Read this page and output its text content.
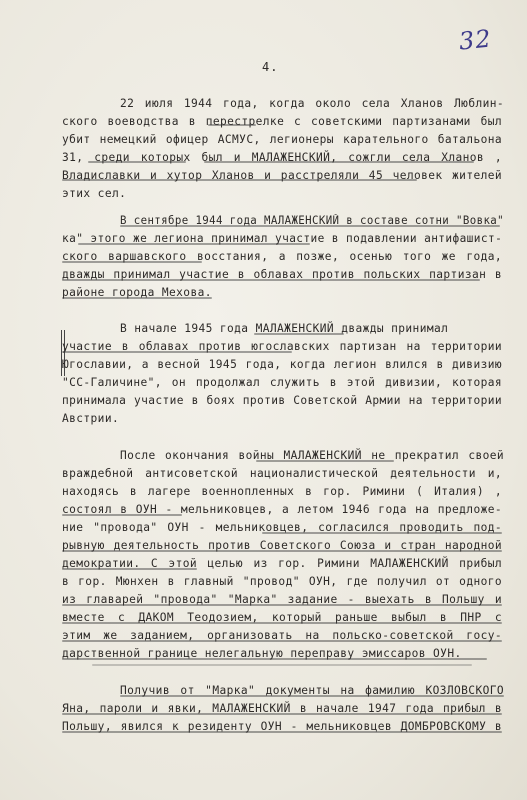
32
4.
22 июля 1944 года, когда около села Хланов Люблин-
ского воеводства в перестрелке с советскими партизанами был
убит немецкий офицер АСМУС, легионеры карательного батальона
31, среди которых был и МАЛАЖЕНСКИЙ, сожгли села Хланов ,
Владиславки и хутор Хланов и расстреляли 45 человек жителей
этих сел.
В сентябре 1944 года МАЛАЖЕНСКИЙ в составе сотни "Вовка"
ка" этого же легиона принимал участие в подавлении антифашист-
ского варшавского восстания, а позже, осенью того же года,
дважды принимал участие в облавах против польских партизан в
районе города Мехова.
В начале 1945 года МАЛАЖЕНСКИЙ дважды принимал
участие в облавах против югославских партизан на территории
Югославии, а весной 1945 года, когда легион влился в дивизию
"СС-Галичине", он продолжал служить в этой дивизии, которая
принимала участие в боях против Советской Армии на территории
Австрии.
После окончания войны МАЛАЖЕНСКИЙ не прекратил своей
враждебной антисоветской националистической деятельности и,
находясь в лагере военнопленных в гор. Римини ( Италия) ,
состоял в ОУН - мельниковцев, а летом 1946 года на предложе-
ние "провода" ОУН - мельниковцев, согласился проводить под-
рывную деятельность против Советского Союза и стран народной
демократии. С этой целью из гор. Римини МАЛАЖЕНСКИЙ прибыл
в гор. Мюнхен в главный "провод" ОУН, где получил от одного
из главарей "провода" "Марка" задание - выехать в Польшу и
вместе с ДАКОМ Теодозием, который раньше выбыл в ПНР с
этим же заданием, организовать на польско-советской госу-
дарственной границе нелегальную переправу эмиссаров ОУН.
Получив от "Марка" документы на фамилию КОЗЛОВСКОГО
Яна, пароли и явки, МАЛАЖЕНСКИЙ в начале 1947 года прибыл в
Польшу, явился к резиденту ОУН - мельниковцев ДОМБРОВСКОМУ в
